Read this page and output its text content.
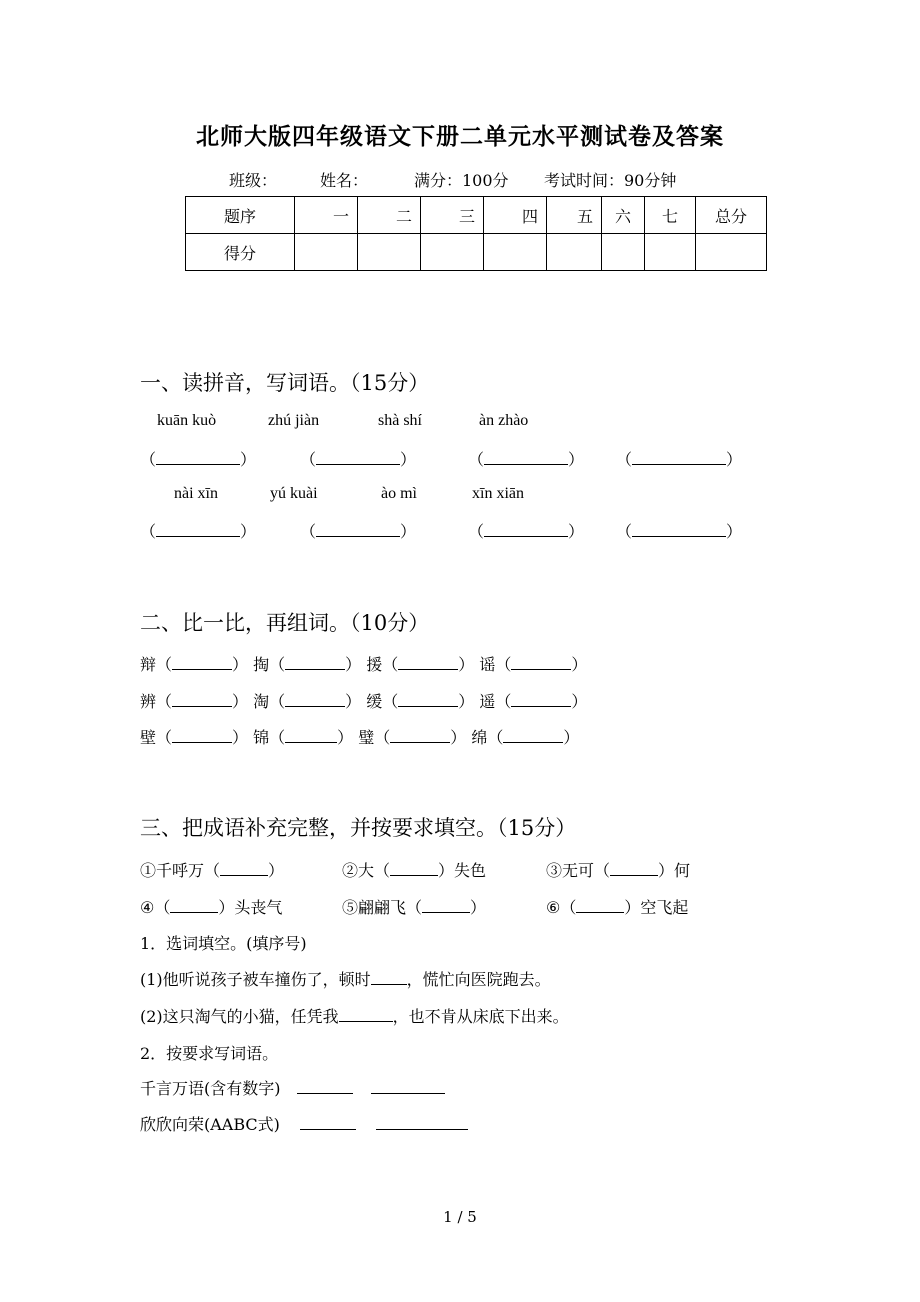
北师大版四年级语文下册二单元水平测试卷及答案
班级：	姓名：	满分：100分 考试时间：90分钟
题序	一	二	三	四	五	六	七	总分
得分								
一、读拼音，写词语。（15分）
kuān kuò	zhú jiàn	shà shí	àn zhào
（	）	（	）	（	） （	）
nài xīn	yú kuài	ào mì	xīn xiān
（	）	（	）	（	） （	）
二、比一比，再组词。（10分）
辩（	） 掏（	） 援（	） 谣（	）
辨（	） 淘（	） 缓（	） 遥（	）
壁（	） 锦（	） 璧（	） 绵（	）
三、把成语补充完整，并按要求填空。（15分）
①千呼万（	）	②大（	）失色	③无可（	）何
④（	）头丧气	⑤翩翩飞（	）	⑥（	）空飞起
1．选词填空。(填序号)
(1)他听说孩子被车撞伤了，顿时 ，慌忙向医院跑去。
(2)这只淘气的小猫，任凭我	，也不肯从床底下出来。
2．按要求写词语。
千言万语(含有数字)
欣欣向荣(AABC式)
1 / 5
